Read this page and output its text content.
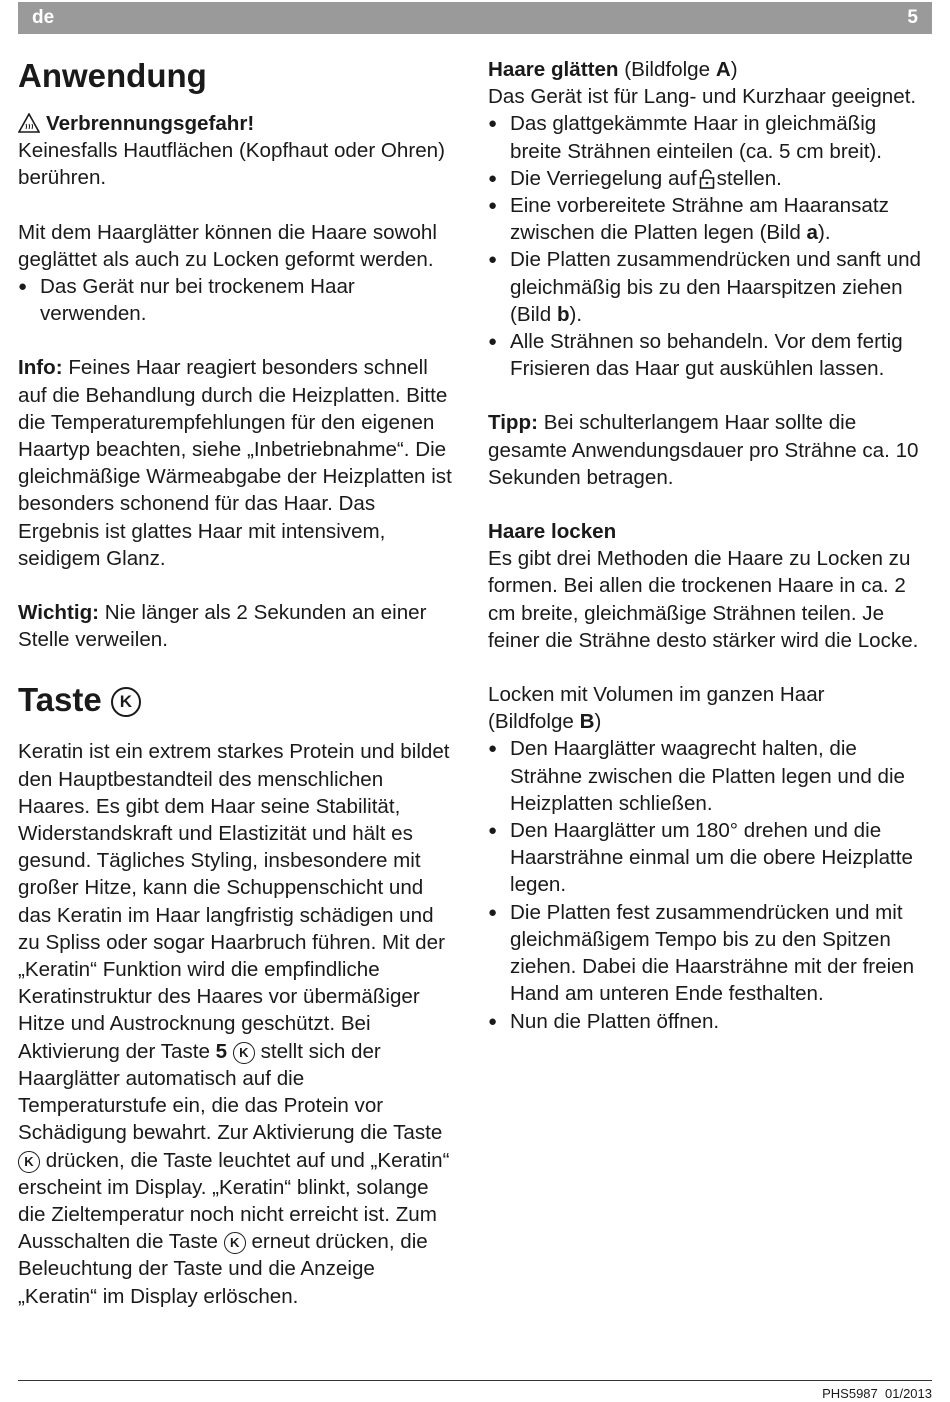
de	5
Anwendung
Verbrennungsgefahr!

Keinesfalls Hautflächen (Kopfhaut oder Ohren) berühren.

Mit dem Haarglätter können die Haare sowohl geglättet als auch zu Locken geformt werden.
● Das Gerät nur bei trockenem Haar verwenden.

Info: Feines Haar reagiert besonders schnell auf die Behandlung durch die Heizplatten. Bitte die Temperaturempfehlungen für den eigenen Haartyp beachten, siehe „Inbetriebnahme“. Die gleichmäßige Wärmeabgabe der Heizplatten ist besonders schonend für das Haar. Das Ergebnis ist glattes Haar mit intensivem, seidigem Glanz.

Wichtig: Nie länger als 2 Sekunden an einer Stelle verweilen.

Taste K
Keratin ist ein extrem starkes Protein und bildet den Hauptbestandteil des menschlichen Haares. Es gibt dem Haar seine Stabilität, Widerstandskraft und Elastizität und hält es gesund. Tägliches Styling, insbesondere mit großer Hitze, kann die Schuppenschicht und das Keratin im Haar langfristig schädigen und zu Spliss oder sogar Haarbruch führen. Mit der „Keratin“ Funktion wird die empfindliche Keratinstruktur des Haares vor übermäßiger Hitze und Austrocknung geschützt. Bei Aktivierung der Taste 5 K stellt sich der Haarglätter automatisch auf die Temperaturstufe ein, die das Protein vor Schädigung bewahrt. Zur Aktivierung die Taste K drücken, die Taste leuchtet auf und „Keratin“ erscheint im Display. „Keratin“ blinkt, solange die Zieltemperatur noch nicht erreicht ist. Zum Ausschalten die Taste K erneut drücken, die Beleuchtung der Taste und die Anzeige „Keratin“ im Display erlöschen.
Haare glätten (Bildfolge A)
Das Gerät ist für Lang- und Kurzhaar geeignet.
● Das glattgekämmte Haar in gleichmäßig breite Strähnen einteilen (ca. 5 cm breit).
● Die Verriegelung auf stellen.
● Eine vorbereitete Strähne am Haaransatz zwischen die Platten legen (Bild a).
● Die Platten zusammendrücken und sanft und gleichmäßig bis zu den Haarspitzen ziehen (Bild b).
● Alle Strähnen so behandeln. Vor dem fertig Frisieren das Haar gut auskühlen lassen.

Tipp: Bei schulterlangem Haar sollte die gesamte Anwendungsdauer pro Strähne ca. 10 Sekunden betragen.

Haare locken

Es gibt drei Methoden die Haare zu Locken zu formen. Bei allen die trockenen Haare in ca. 2 cm breite, gleichmäßige Strähnen teilen. Je feiner die Strähne desto stärker wird die Locke.

Locken mit Volumen im ganzen Haar
(Bildfolge B)
● Den Haarglätter waagrecht halten, die Strähne zwischen die Platten legen und die Heizplatten schließen.
● Den Haarglätter um 180° drehen und die Haarsträhne einmal um die obere Heizplatte legen.
● Die Platten fest zusammendrücken und mit gleichmäßigem Tempo bis zu den Spitzen ziehen. Dabei die Haarsträhne mit der freien Hand am unteren Ende festhalten.
● Nun die Platten öffnen.
PHS5987 01/2013
